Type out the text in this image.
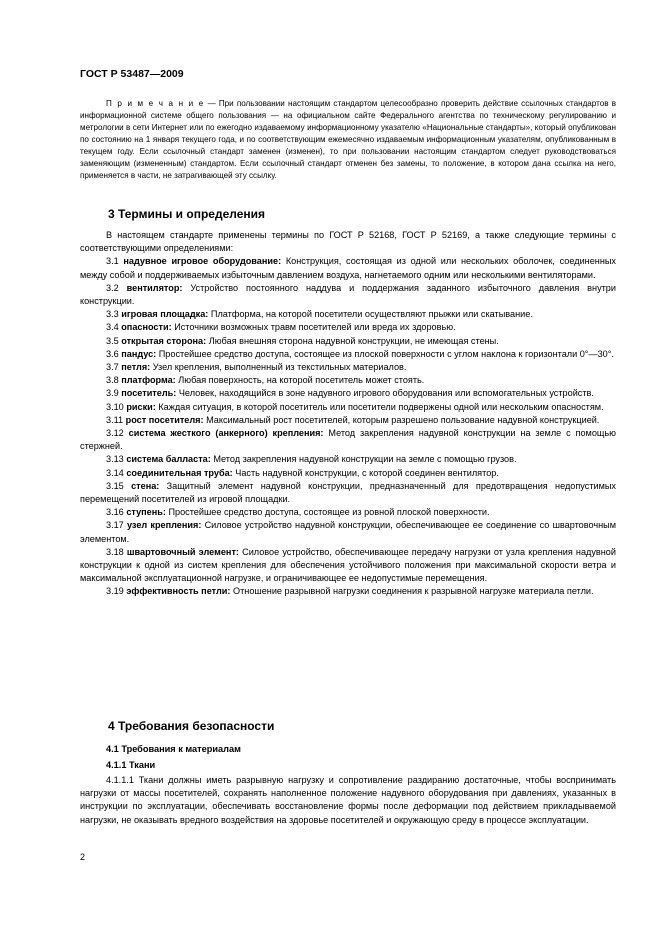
ГОСТ Р 53487—2009

П р и м е ч а н и е — При пользовании настоящим стандартом целесообразно проверить действие ссылочных стандартов в информационной системе общего пользования — на официальном сайте Федерального агентства по техническому регулированию и метрологии в сети Интернет или по ежегодно издаваемому информационному указателю «Национальные стандарты», который опубликован по состоянию на 1 января текущего года, и по соответствующим ежемесячно издаваемым информационным указателям, опубликованным в текущем году. Если ссылочный стандарт заменен (изменен), то при пользовании настоящим стандартом следует руководствоваться заменяющим (измененным) стандартом. Если ссылочный стандарт отменен без замены, то положение, в котором дана ссылка на него, применяется в части, не затрагивающей эту ссылку.

3 Термины и определения

В настоящем стандарте применены термины по ГОСТ Р 52168, ГОСТ Р 52169, а также следующие термины с соответствующими определениями:

3.1 надувное игровое оборудование: Конструкция, состоящая из одной или нескольких оболочек, соединенных между собой и поддерживаемых избыточным давлением воздуха, нагнетаемого одним или несколькими вентиляторами.

3.2 вентилятор: Устройство постоянного наддува и поддержания заданного избыточного давления внутри конструкции.

3.3 игровая площадка: Платформа, на которой посетители осуществляют прыжки или скатывание.

3.4 опасности: Источники возможных травм посетителей или вреда их здоровью.

3.5 открытая сторона: Любая внешняя сторона надувной конструкции, не имеющая стены.

3.6 пандус: Простейшее средство доступа, состоящее из плоской поверхности с углом наклона к горизонтали 0°—30°.

3.7 петля: Узел крепления, выполненный из текстильных материалов.

3.8 платформа: Любая поверхность, на которой посетитель может стоять.

3.9 посетитель: Человек, находящийся в зоне надувного игрового оборудования или вспомогательных устройств.

3.10 риски: Каждая ситуация, в которой посетитель или посетители подвержены одной или нескольким опасностям.

3.11 рост посетителя: Максимальный рост посетителей, которым разрешено пользование надувной конструкцией.

3.12 система жесткого (анкерного) крепления: Метод закрепления надувной конструкции на земле с помощью стержней.

3.13 система балласта: Метод закрепления надувной конструкции на земле с помощью грузов.

3.14 соединительная труба: Часть надувной конструкции, с которой соединен вентилятор.

3.15 стена: Защитный элемент надувной конструкции, предназначенный для предотвращения недопустимых перемещений посетителей из игровой площадки.

3.16 ступень: Простейшее средство доступа, состоящее из ровной плоской поверхности.

3.17 узел крепления: Силовое устройство надувной конструкции, обеспечивающее ее соединение со швартовочным элементом.

3.18 швартовочный элемент: Силовое устройство, обеспечивающее передачу нагрузки от узла крепления надувной конструкции к одной из систем крепления для обеспечения устойчивого положения при максимальной скорости ветра и максимальной эксплуатационной нагрузке, и ограничивающее ее недопустимые перемещения.

3.19 эффективность петли: Отношение разрывной нагрузки соединения к разрывной нагрузке материала петли.

4 Требования безопасности
4.1 Требования к материалам
4.1.1 Ткани

4.1.1.1 Ткани должны иметь разрывную нагрузку и сопротивление раздиранию достаточные, чтобы воспринимать нагрузки от массы посетителей, сохранять наполненное положение надувного оборудования при давлениях, указанных в инструкции по эксплуатации, обеспечивать восстановление формы после деформации под действием прикладываемой нагрузки, не оказывать вредного воздействия на здоровье посетителей и окружающую среду в процессе эксплуатации.

2
